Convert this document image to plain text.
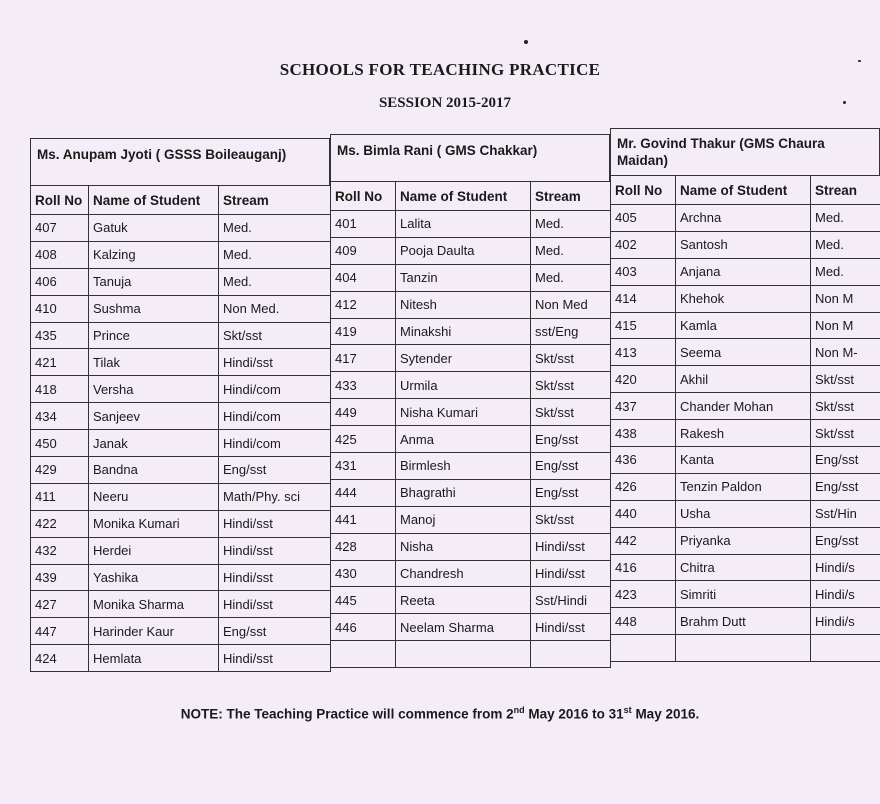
SCHOOLS FOR TEACHING PRACTICE
SESSION 2015-2017
Ms. Anupam Jyoti ( GSSS Boileauganj)
Roll No	Name of Student	Stream
407	Gatuk	Med.
408	Kalzing	Med.
406	Tanuja	Med.
410	Sushma	Non Med.
435	Prince	Skt/sst
421	Tilak	Hindi/sst
418	Versha	Hindi/com
434	Sanjeev	Hindi/com
450	Janak	Hindi/com
429	Bandna	Eng/sst
411	Neeru	Math/Phy. sci
422	Monika Kumari	Hindi/sst
432	Herdei	Hindi/sst
439	Yashika	Hindi/sst
427	Monika Sharma	Hindi/sst
447	Harinder Kaur	Eng/sst
424	Hemlata	Hindi/sst
Ms. Bimla Rani ( GMS Chakkar)
Roll No	Name of Student	Stream
401	Lalita	Med.
409	Pooja Daulta	Med.
404	Tanzin	Med.
412	Nitesh	Non Med
419	Minakshi	sst/Eng
417	Sytender	Skt/sst
433	Urmila	Skt/sst
449	Nisha Kumari	Skt/sst
425	Anma	Eng/sst
431	Birmlesh	Eng/sst
444	Bhagrathi	Eng/sst
441	Manoj	Skt/sst
428	Nisha	Hindi/sst
430	Chandresh	Hindi/sst
445	Reeta	Sst/Hindi
446	Neelam Sharma	Hindi/sst

Mr. Govind Thakur (GMS Chaura
Maidan)
Roll No	Name of Student	Strean
405	Archna	Med.
402	Santosh	Med.
403	Anjana	Med.
414	Khehok	Non M
415	Kamla	Non M
413	Seema	Non M-
420	Akhil	Skt/sst
437	Chander Mohan	Skt/sst
438	Rakesh	Skt/sst
436	Kanta	Eng/sst
426	Tenzin Paldon	Eng/sst
440	Usha	Sst/Hin
442	Priyanka	Eng/sst
416	Chitra	Hindi/s
423	Simriti	Hindi/s
448	Brahm Dutt	Hindi/s

NOTE: The Teaching Practice will commence from 2nd May 2016 to 31st May 2016.
